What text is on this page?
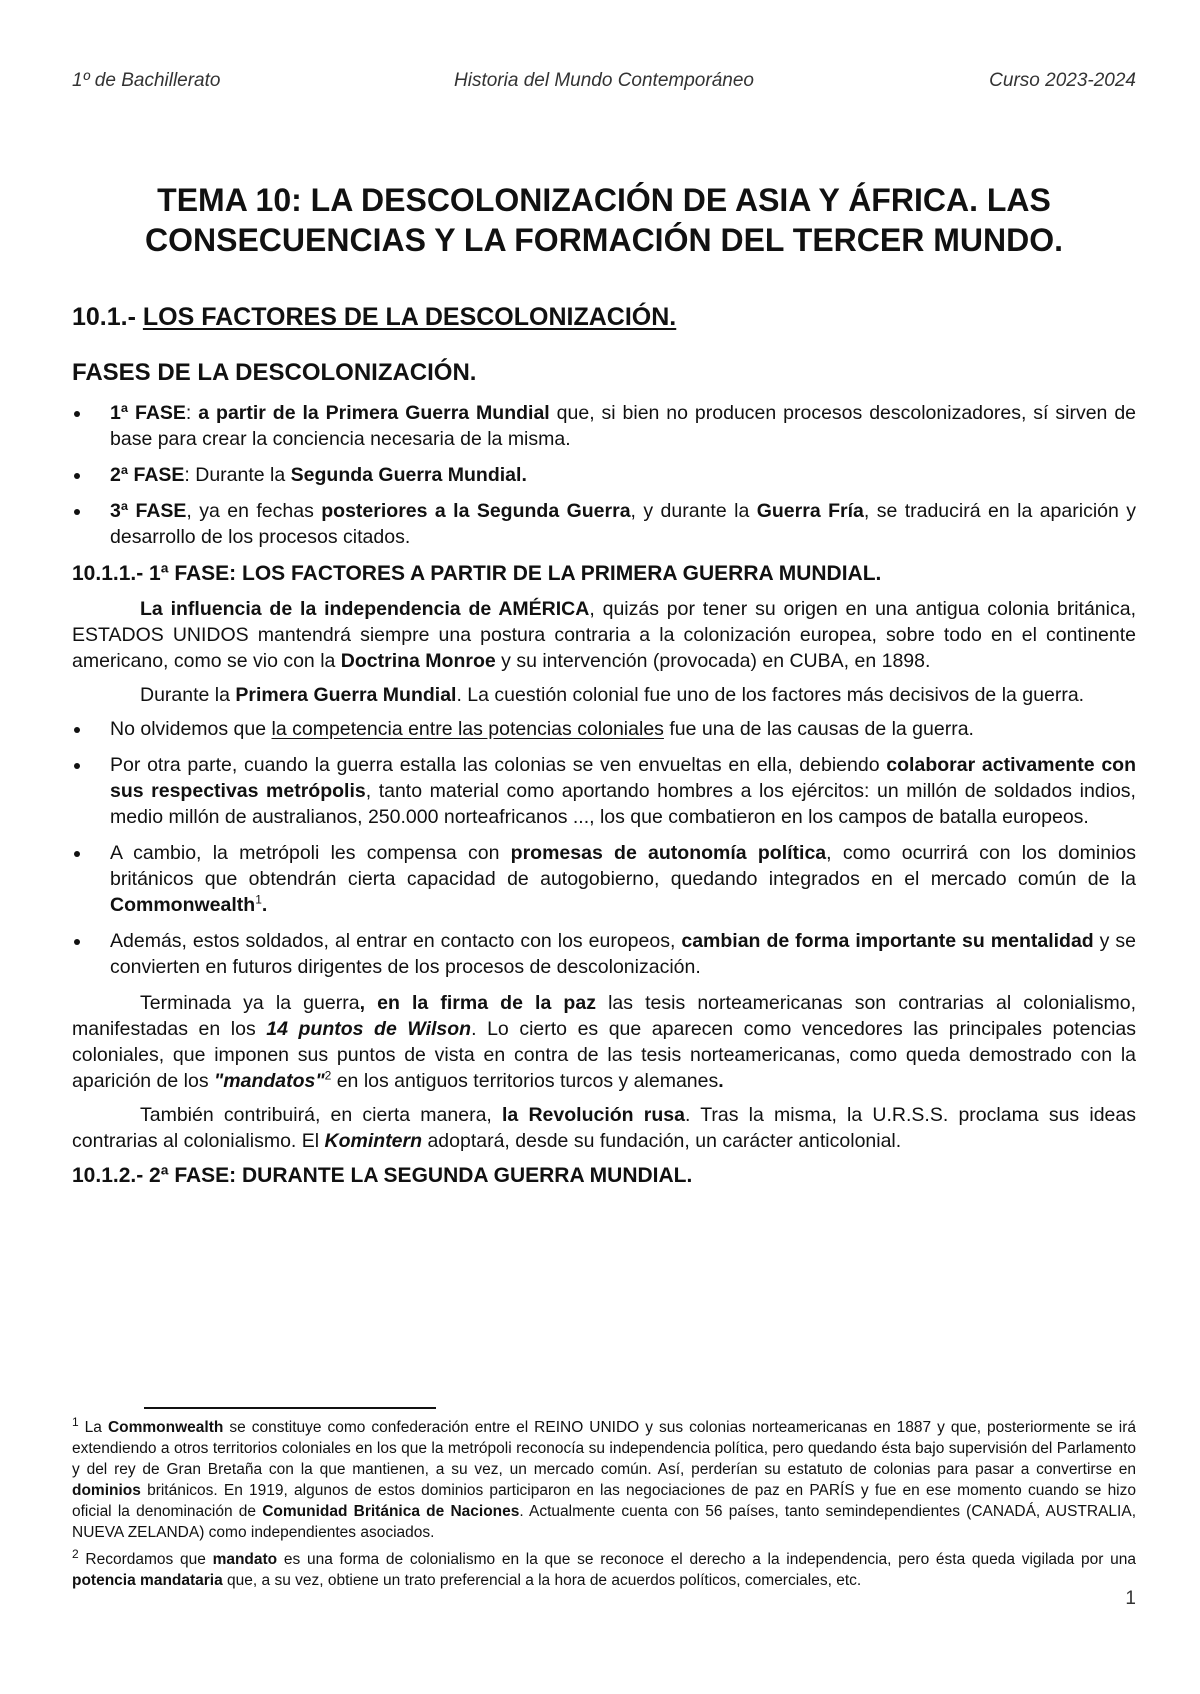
1º de Bachillerato	Historia del Mundo Contemporáneo	Curso 2023-2024
TEMA 10: LA DESCOLONIZACIÓN DE ASIA Y ÁFRICA. LAS
CONSECUENCIAS Y LA FORMACIÓN DEL TERCER MUNDO.
10.1.- LOS FACTORES DE LA DESCOLONIZACIÓN.
FASES DE LA DESCOLONIZACIÓN.
1ª FASE: a partir de la Primera Guerra Mundial que, si bien no producen procesos descolonizadores, sí sirven de base para crear la conciencia necesaria de la misma.
2ª FASE: Durante la Segunda Guerra Mundial.
3ª FASE, ya en fechas posteriores a la Segunda Guerra, y durante la Guerra Fría, se traducirá en la aparición y desarrollo de los procesos citados.
10.1.1.- 1ª FASE: LOS FACTORES A PARTIR DE LA PRIMERA GUERRA MUNDIAL.

La influencia de la independencia de AMÉRICA, quizás por tener su origen en una antigua colonia británica, ESTADOS UNIDOS mantendrá siempre una postura contraria a la colonización europea, sobre todo en el continente americano, como se vio con la Doctrina Monroe y su intervención (provocada) en CUBA, en 1898.

Durante la Primera Guerra Mundial. La cuestión colonial fue uno de los factores más decisivos de la guerra.

No olvidemos que la competencia entre las potencias coloniales fue una de las causas de la guerra.
Por otra parte, cuando la guerra estalla las colonias se ven envueltas en ella, debiendo colaborar activamente con sus respectivas metrópolis, tanto material como aportando hombres a los ejércitos: un millón de soldados indios, medio millón de australianos, 250.000 norteafricanos ..., los que combatieron en los campos de batalla europeos.
A cambio, la metrópoli les compensa con promesas de autonomía política, como ocurrirá con los dominios británicos que obtendrán cierta capacidad de autogobierno, quedando integrados en el mercado común de la Commonwealth$^1$.
Además, estos soldados, al entrar en contacto con los europeos, cambian de forma importante su mentalidad y se convierten en futuros dirigentes de los procesos de descolonización.

Terminada ya la guerra, en la firma de la paz las tesis norteamericanas son contrarias al colonialismo, manifestadas en los 14 puntos de Wilson. Lo cierto es que aparecen como vencedores las principales potencias coloniales, que imponen sus puntos de vista en contra de las tesis norteamericanas, como queda demostrado con la aparición de los "mandatos"$^2$ en los antiguos territorios turcos y alemanes.

También contribuirá, en cierta manera, la Revolución rusa. Tras la misma, la U.R.S.S. proclama sus ideas contrarias al colonialismo. El Komintern adoptará, desde su fundación, un carácter anticolonial.

10.1.2.- 2ª FASE: DURANTE LA SEGUNDA GUERRA MUNDIAL.

$^1$ La Commonwealth se constituye como confederación entre el REINO UNIDO y sus colonias norteamericanas en 1887 y que, posteriormente se irá extendiendo a otros territorios coloniales en los que la metrópoli reconocía su independencia política, pero quedando ésta bajo supervisión del Parlamento y del rey de Gran Bretaña con la que mantienen, a su vez, un mercado común. Así, perderían su estatuto de colonias para pasar a convertirse en dominios británicos. En 1919, algunos de estos dominios participaron en las negociaciones de paz en PARÍS y fue en ese momento cuando se hizo oficial la denominación de Comunidad Británica de Naciones. Actualmente cuenta con 56 países, tanto semindependientes (CANADÁ, AUSTRALIA, NUEVA ZELANDA) como independientes asociados.

$^2$ Recordamos que mandato es una forma de colonialismo en la que se reconoce el derecho a la independencia, pero ésta queda vigilada por una potencia mandataria que, a su vez, obtiene un trato preferencial a la hora de acuerdos políticos, comerciales, etc.

1
